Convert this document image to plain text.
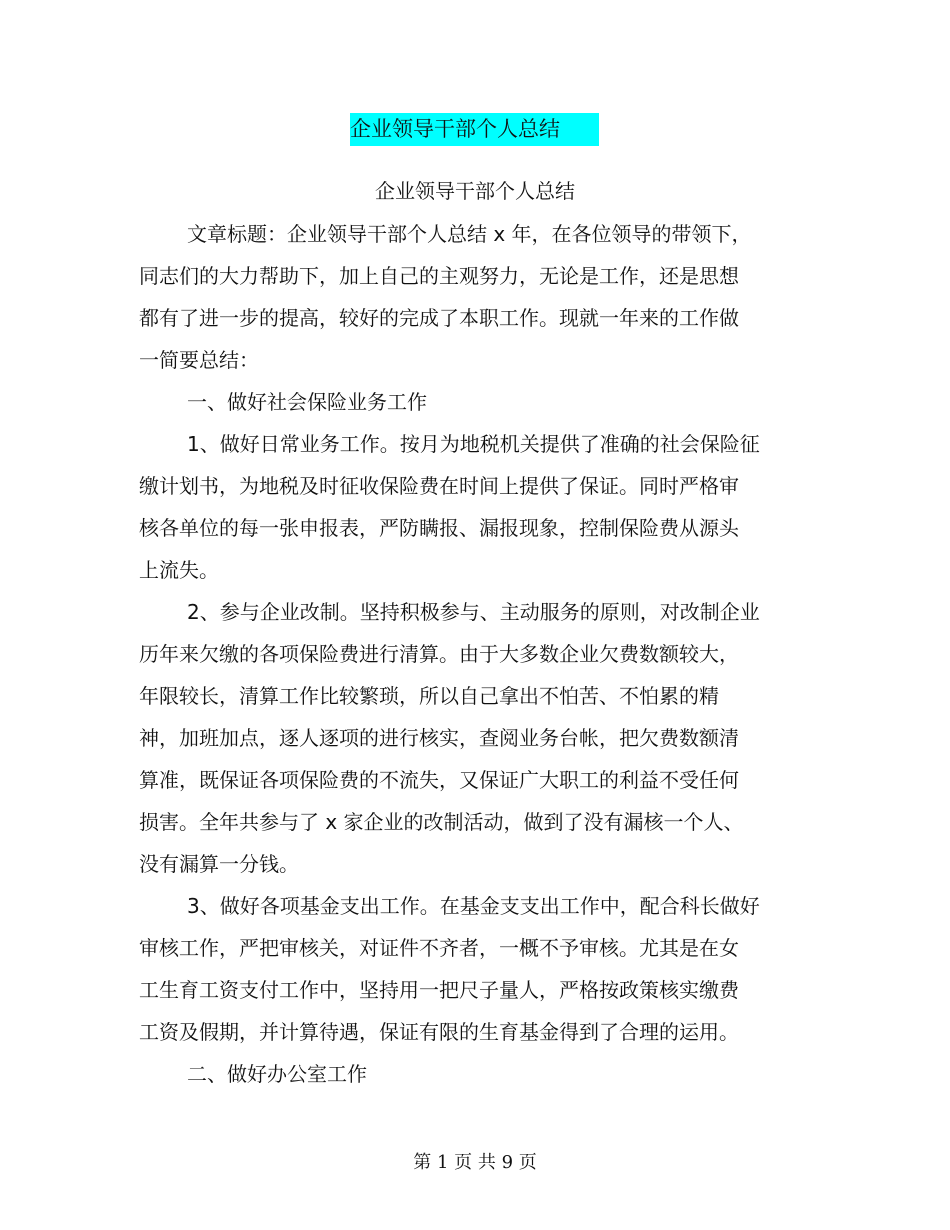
企业领导干部个人总结
企业领导干部个人总结
文章标题：企业领导干部个人总结 x 年，在各位领导的带领下，
同志们的大力帮助下，加上自己的主观努力，无论是工作，还是思想
都有了进一步的提高，较好的完成了本职工作。现就一年来的工作做
一简要总结：
一、做好社会保险业务工作
1、做好日常业务工作。按月为地税机关提供了准确的社会保险征
缴计划书，为地税及时征收保险费在时间上提供了保证。同时严格审
核各单位的每一张申报表，严防瞒报、漏报现象，控制保险费从源头
上流失。
2、参与企业改制。坚持积极参与、主动服务的原则，对改制企业
历年来欠缴的各项保险费进行清算。由于大多数企业欠费数额较大，
年限较长，清算工作比较繁琐，所以自己拿出不怕苦、不怕累的精
神，加班加点，逐人逐项的进行核实，查阅业务台帐，把欠费数额清
算准，既保证各项保险费的不流失，又保证广大职工的利益不受任何
损害。全年共参与了 x 家企业的改制活动，做到了没有漏核一个人、
没有漏算一分钱。
3、做好各项基金支出工作。在基金支支出工作中，配合科长做好
审核工作，严把审核关，对证件不齐者，一概不予审核。尤其是在女
工生育工资支付工作中，坚持用一把尺子量人，严格按政策核实缴费
工资及假期，并计算待遇，保证有限的生育基金得到了合理的运用。
二、做好办公室工作
第 1 页 共 9 页
